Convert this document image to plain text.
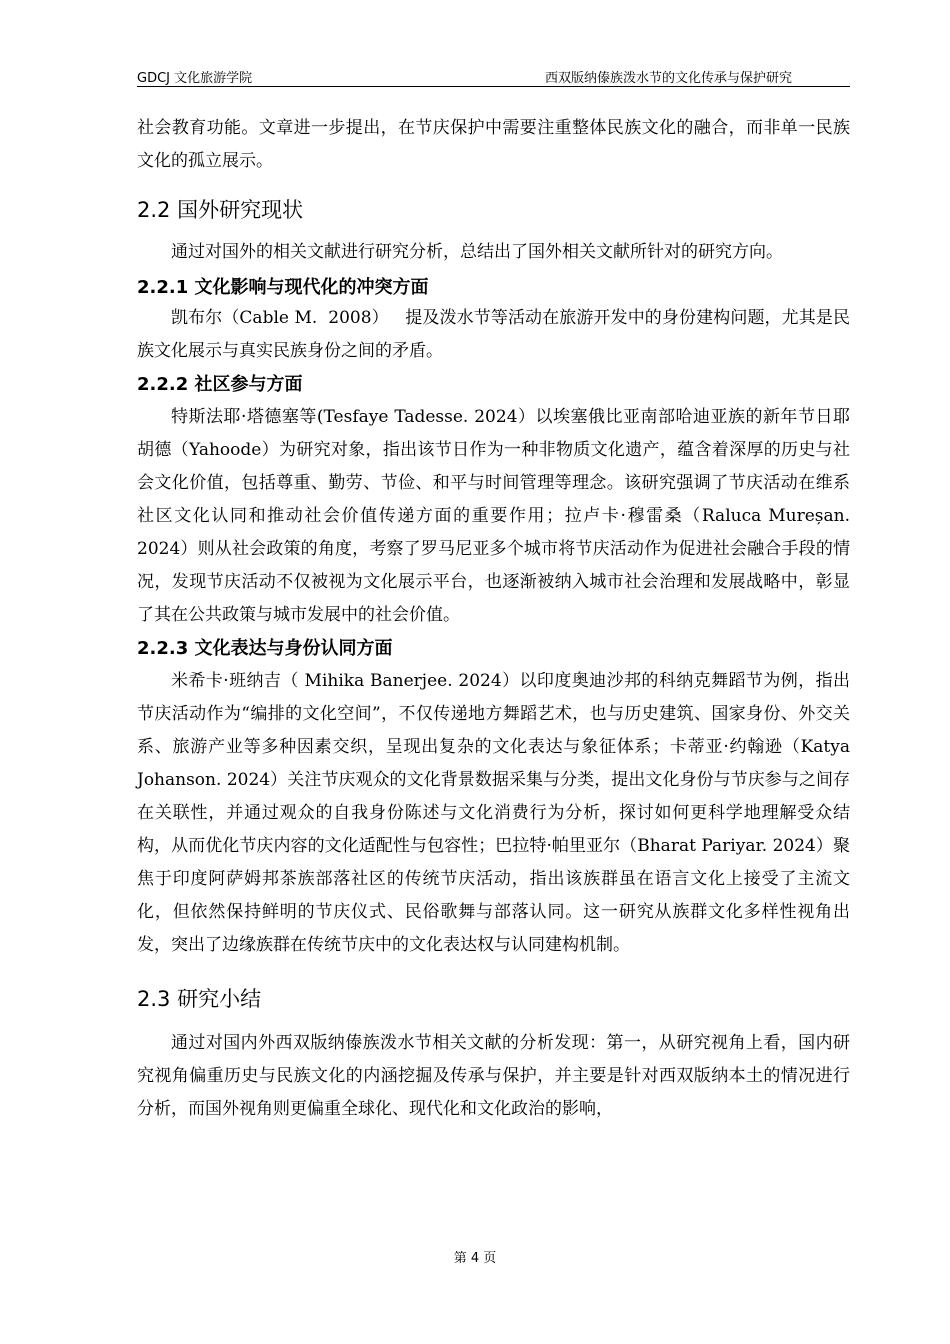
GDCJ 文化旅游学院	西双版纳傣族泼水节的文化传承与保护研究

社会教育功能。文章进一步提出，在节庆保护中需要注重整体民族文化的融合，而非单一民族文化的孤立展示。

2.2 国外研究现状

通过对国外的相关文献进行研究分析，总结出了国外相关文献所针对的研究方向。

2.2.1 文化影响与现代化的冲突方面

凯布尔（Cable M.  2008）   提及泼水节等活动在旅游开发中的身份建构问题，尤其是民族文化展示与真实民族身份之间的矛盾。

2.2.2 社区参与方面

特斯法耶·塔德塞等(Tesfaye Tadesse. 2024）以埃塞俄比亚南部哈迪亚族的新年节日耶胡德（Yahoode）为研究对象，指出该节日作为一种非物质文化遗产，蕴含着深厚的历史与社会文化价值，包括尊重、勤劳、节俭、和平与时间管理等理念。该研究强调了节庆活动在维系社区文化认同和推动社会价值传递方面的重要作用；拉卢卡·穆雷桑（Raluca Mureșan. 2024）则从社会政策的角度，考察了罗马尼亚多个城市将节庆活动作为促进社会融合手段的情况，发现节庆活动不仅被视为文化展示平台，也逐渐被纳入城市社会治理和发展战略中，彰显了其在公共政策与城市发展中的社会价值。

2.2.3 文化表达与身份认同方面

米希卡·班纳吉（ Mihika Banerjee. 2024）以印度奥迪沙邦的科纳克舞蹈节为例，指出节庆活动作为“编排的文化空间”，不仅传递地方舞蹈艺术，也与历史建筑、国家身份、外交关系、旅游产业等多种因素交织，呈现出复杂的文化表达与象征体系；卡蒂亚·约翰逊（Katya Johanson. 2024）关注节庆观众的文化背景数据采集与分类，提出文化身份与节庆参与之间存在关联性，并通过观众的自我身份陈述与文化消费行为分析，探讨如何更科学地理解受众结构，从而优化节庆内容的文化适配性与包容性；巴拉特·帕里亚尔（Bharat Pariyar. 2024）聚焦于印度阿萨姆邦茶族部落社区的传统节庆活动，指出该族群虽在语言文化上接受了主流文化，但依然保持鲜明的节庆仪式、民俗歌舞与部落认同。这一研究从族群文化多样性视角出发，突出了边缘族群在传统节庆中的文化表达权与认同建构机制。

2.3 研究小结

通过对国内外西双版纳傣族泼水节相关文献的分析发现：第一，从研究视角上看，国内研究视角偏重历史与民族文化的内涵挖掘及传承与保护，并主要是针对西双版纳本土的情况进行分析，而国外视角则更偏重全球化、现代化和文化政治的影响，

第 4 页
